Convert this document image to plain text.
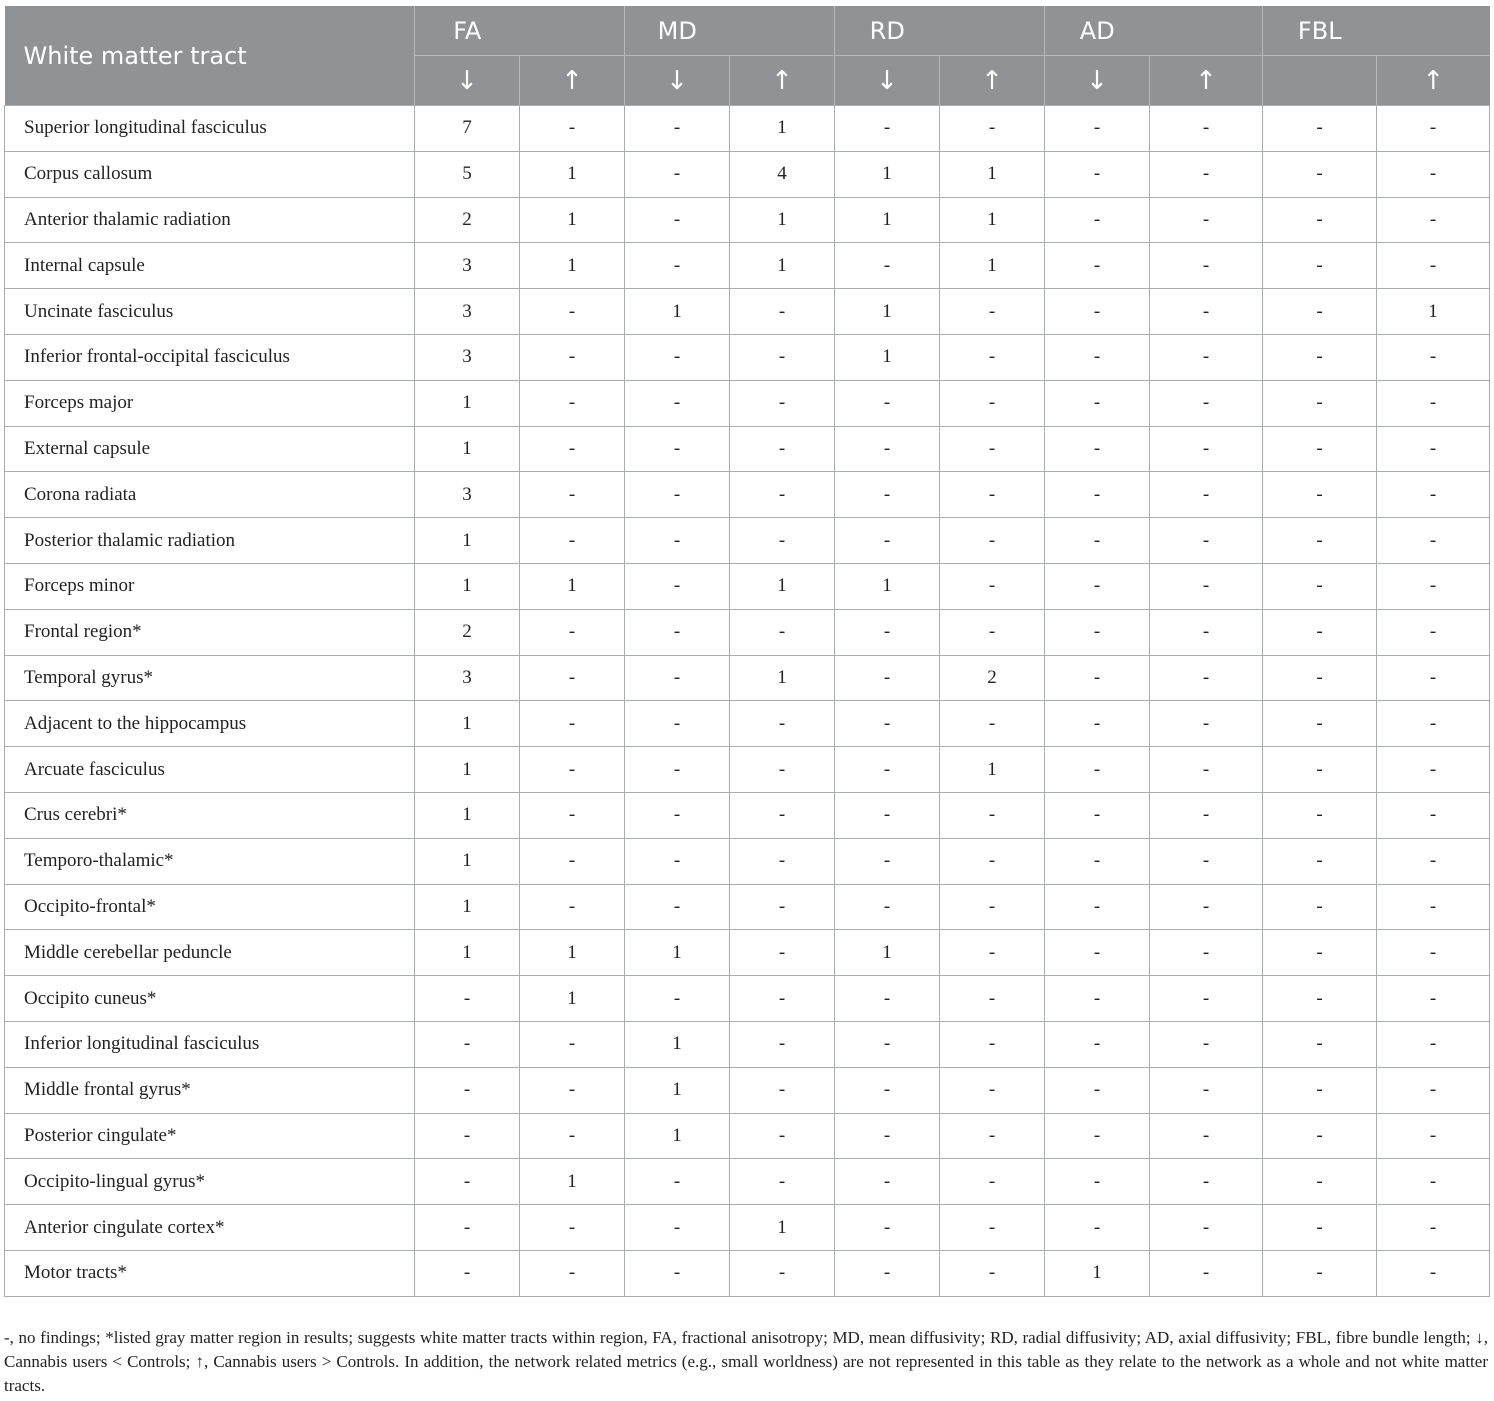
White matter tract	FA		MD		RD		AD		FBL	
	↓	↑	↓	↑	↓	↑	↓	↑		↑
Superior longitudinal fasciculus	7	-	-	1	-	-	-	-	-	-
Corpus callosum	5	1	-	4	1	1	-	-	-	-
Anterior thalamic radiation	2	1	-	1	1	1	-	-	-	-
Internal capsule	3	1	-	1	-	1	-	-	-	-
Uncinate fasciculus	3	-	1	-	1	-	-	-	-	1
Inferior frontal-occipital fasciculus	3	-	-	-	1	-	-	-	-	-
Forceps major	1	-	-	-	-	-	-	-	-	-
External capsule	1	-	-	-	-	-	-	-	-	-
Corona radiata	3	-	-	-	-	-	-	-	-	-
Posterior thalamic radiation	1	-	-	-	-	-	-	-	-	-
Forceps minor	1	1	-	1	1	-	-	-	-	-
Frontal region*	2	-	-	-	-	-	-	-	-	-
Temporal gyrus*	3	-	-	1	-	2	-	-	-	-
Adjacent to the hippocampus	1	-	-	-	-	-	-	-	-	-
Arcuate fasciculus	1	-	-	-	-	1	-	-	-	-
Crus cerebri*	1	-	-	-	-	-	-	-	-	-
Temporo-thalamic*	1	-	-	-	-	-	-	-	-	-
Occipito-frontal*	1	-	-	-	-	-	-	-	-	-
Middle cerebellar peduncle	1	1	1	-	1	-	-	-	-	-
Occipito cuneus*	-	1	-	-	-	-	-	-	-	-
Inferior longitudinal fasciculus	-	-	1	-	-	-	-	-	-	-
Middle frontal gyrus*	-	-	1	-	-	-	-	-	-	-
Posterior cingulate*	-	-	1	-	-	-	-	-	-	-
Occipito-lingual gyrus*	-	1	-	-	-	-	-	-	-	-
Anterior cingulate cortex*	-	-	-	1	-	-	-	-	-	-
Motor tracts*	-	-	-	-	-	-	1	-	-	-
-, no findings; *listed gray matter region in results; suggests white matter tracts within region, FA, fractional anisotropy; MD, mean diffusivity; RD, radial diffusivity; AD, axial diffusivity; FBL, fibre bundle length; ↓, Cannabis users < Controls; ↑, Cannabis users > Controls. In addition, the network related metrics (e.g., small worldness) are not represented in this table as they relate to the network as a whole and not white matter tracts.
